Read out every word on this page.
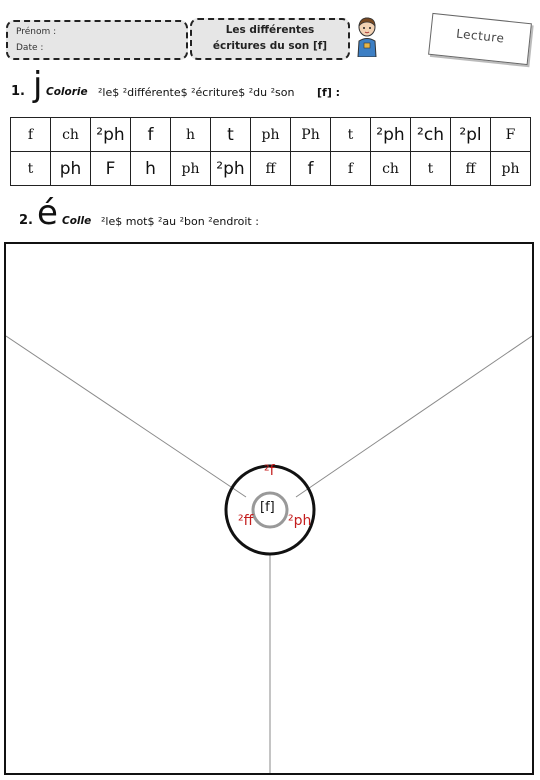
Prénom :
Date :
Les différentes
écritures du son [f]
Lecture
1. j Colorie ²le$ ²différente$ ²écriture$ ²du ²son [f] :
f	ch	²ph	f	h	t	ph	Ph	t	²ph	²ch	²pl	F
t	ph	F	h	ph	²ph	ff	f	f	ch	t	ff	ph
2. é Colle ²le$ mot$ ²au ²bon ²endroit :
[f]
²f
²ff ²ph
